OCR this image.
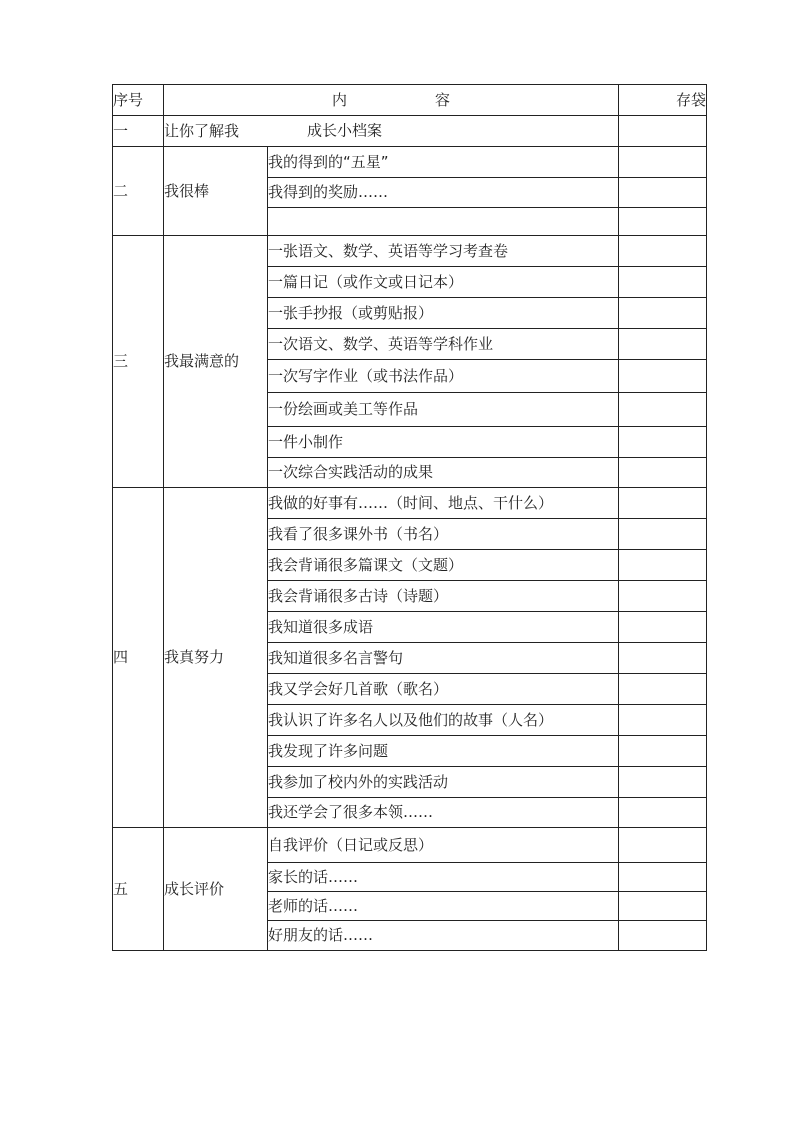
序号	内 容		存袋
一	让你了解我 成长小档案		

二	我很棒	我的得到的“五星”	
		我得到的奖励……	

三	我最满意的	一张语文、数学、英语等学习考查卷	
		一篇日记（或作文或日记本）	
		一张手抄报（或剪贴报）	
		一次语文、数学、英语等学科作业	
		一次写字作业（或书法作品）	
		一份绘画或美工等作品	
		一件小制作	
		一次综合实践活动的成果	
四	我真努力	我做的好事有……（时间、地点、干什么）	
		我看了很多课外书（书名）	
		我会背诵很多篇课文（文题）	
		我会背诵很多古诗（诗题）	
		我知道很多成语	
		我知道很多名言警句	
		我又学会好几首歌（歌名）	
		我认识了许多名人以及他们的故事（人名）	
		我发现了许多问题	
		我参加了校内外的实践活动	
		我还学会了很多本领……	
五	成长评价	自我评价（日记或反思）	
		家长的话……	
		老师的话……	
		好朋友的话……	
